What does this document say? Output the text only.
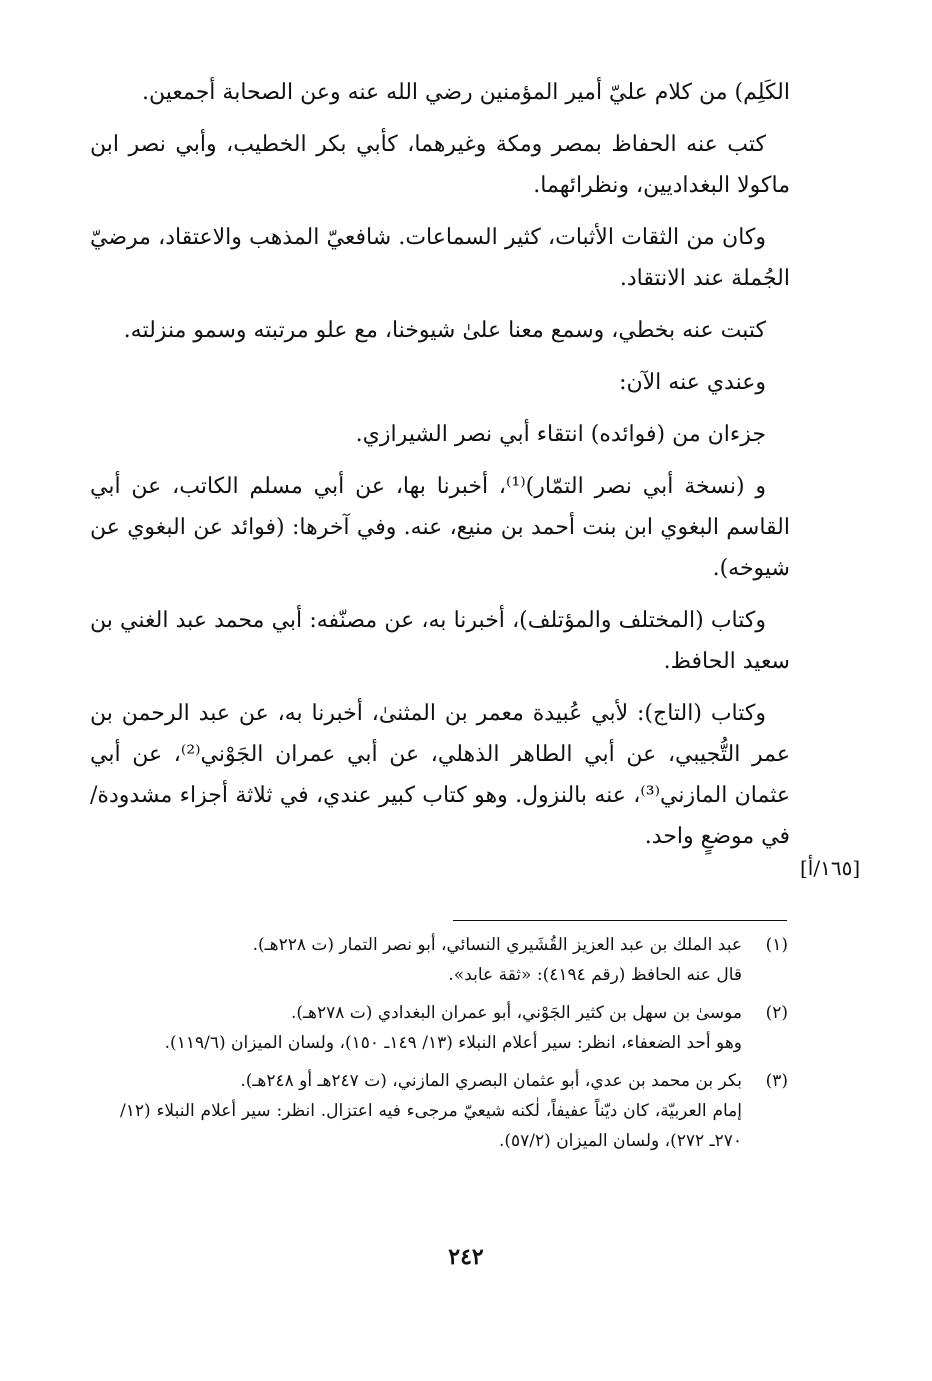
الكَلِم) من كلام عليّ أمير المؤمنين رضي الله عنه وعن الصحابة أجمعين.

كتب عنه الحفاظ بمصر ومكة وغيرهما، كأبي بكر الخطيب، وأبي نصر ابن ماكولا البغداديين، ونظرائهما.

وكان من الثقات الأثبات، كثير السماعات. شافعيّ المذهب والاعتقاد، مرضيّ الجُملة عند الانتقاد.

كتبت عنه بخطي، وسمع معنا علىٰ شيوخنا، مع علو مرتبته وسمو منزلته.

وعندي عنه الآن:

جزءان من (فوائده) انتقاء أبي نصر الشيرازي.

و (نسخة أبي نصر التمّار)⁽¹⁾، أخبرنا بها، عن أبي مسلم الكاتب، عن أبي القاسم البغوي ابن بنت أحمد بن منيع، عنه. وفي آخرها: (فوائد عن البغوي عن شيوخه).

وكتاب (المختلف والمؤتلف)، أخبرنا به، عن مصنّفه: أبي محمد عبد الغني بن سعيد الحافظ.

وكتاب (التاج): لأبي عُبيدة معمر بن المثنىٰ، أخبرنا به، عن عبد الرحمن بن عمر التُّجيبي، عن أبي الطاهر الذهلي، عن أبي عمران الجَوْني⁽²⁾، عن أبي عثمان المازني⁽³⁾، عنه بالنزول. وهو كتاب كبير عندي، في ثلاثة أجزاء مشدودة/ في موضعٍ واحد.

[١٦٥/أ]
(١)
عبد الملك بن عبد العزيز القُشَيري النسائي، أبو نصر التمار (ت ٢٢٨هـ).
قال عنه الحافظ (رقم ٤١٩٤): «ثقة عابد».
(٢)
موسىٰ بن سهل بن كثير الجَوْني، أبو عمران البغدادي (ت ٢٧٨هـ).
وهو أحد الضعفاء، انظر: سير أعلام النبلاء (١٣/ ١٤٩ـ ١٥٠)، ولسان الميزان (١١٩/٦).
(٣)
بكر بن محمد بن عدي، أبو عثمان البصري المازني، (ت ٢٤٧هـ أو ٢٤٨هـ).
إمام العربيّة، كان ديّناً عفيفاً، لٰكنه شيعيّ مرجىء فيه اعتزال. انظر: سير أعلام النبلاء (١٢/ ٢٧٠ـ ٢٧٢)، ولسان الميزان (٥٧/٢).
٢٤٢
